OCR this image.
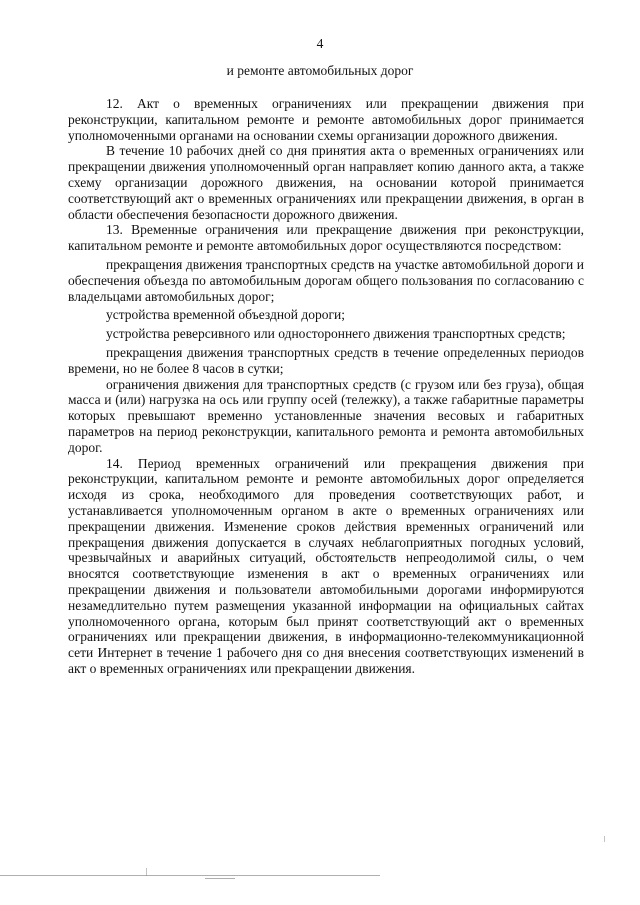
4
и ремонте автомобильных дорог

12. Акт о временных ограничениях или прекращении движения при реконструкции, капитальном ремонте и ремонте автомобильных дорог принимается уполномоченными органами на основании схемы организации дорожного движения.

В течение 10 рабочих дней со дня принятия акта о временных ограничениях или прекращении движения уполномоченный орган направляет копию данного акта, а также схему организации дорожного движения, на основании которой принимается соответствующий акт о временных ограничениях или прекращении движения, в орган в области обеспечения безопасности дорожного движения.

13. Временные ограничения или прекращение движения при реконструкции, капитальном ремонте и ремонте автомобильных дорог осуществляются посредством:

прекращения движения транспортных средств на участке автомобильной дороги и обеспечения объезда по автомобильным дорогам общего пользования по согласованию с владельцами автомобильных дорог;

устройства временной объездной дороги;

устройства реверсивного или одностороннего движения транспортных средств;

прекращения движения транспортных средств в течение определенных периодов времени, но не более 8 часов в сутки;

ограничения движения для транспортных средств (с грузом или без груза), общая масса и (или) нагрузка на ось или группу осей (тележку), а также габаритные параметры которых превышают временно установленные значения весовых и габаритных параметров на период реконструкции, капитального ремонта и ремонта автомобильных дорог.

14. Период временных ограничений или прекращения движения при реконструкции, капитальном ремонте и ремонте автомобильных дорог определяется исходя из срока, необходимого для проведения соответствующих работ, и устанавливается уполномоченным органом в акте о временных ограничениях или прекращении движения. Изменение сроков действия временных ограничений или прекращения движения допускается в случаях неблагоприятных погодных условий, чрезвычайных и аварийных ситуаций, обстоятельств непреодолимой силы, о чем вносятся соответствующие изменения в акт о временных ограничениях или прекращении движения и пользователи автомобильными дорогами информируются незамедлительно путем размещения указанной информации на официальных сайтах уполномоченного органа, которым был принят соответствующий акт о временных ограничениях или прекращении движения, в информационно-телекоммуникационной сети Интернет в течение 1 рабочего дня со дня внесения соответствующих изменений в акт о временных ограничениях или прекращении движения.
